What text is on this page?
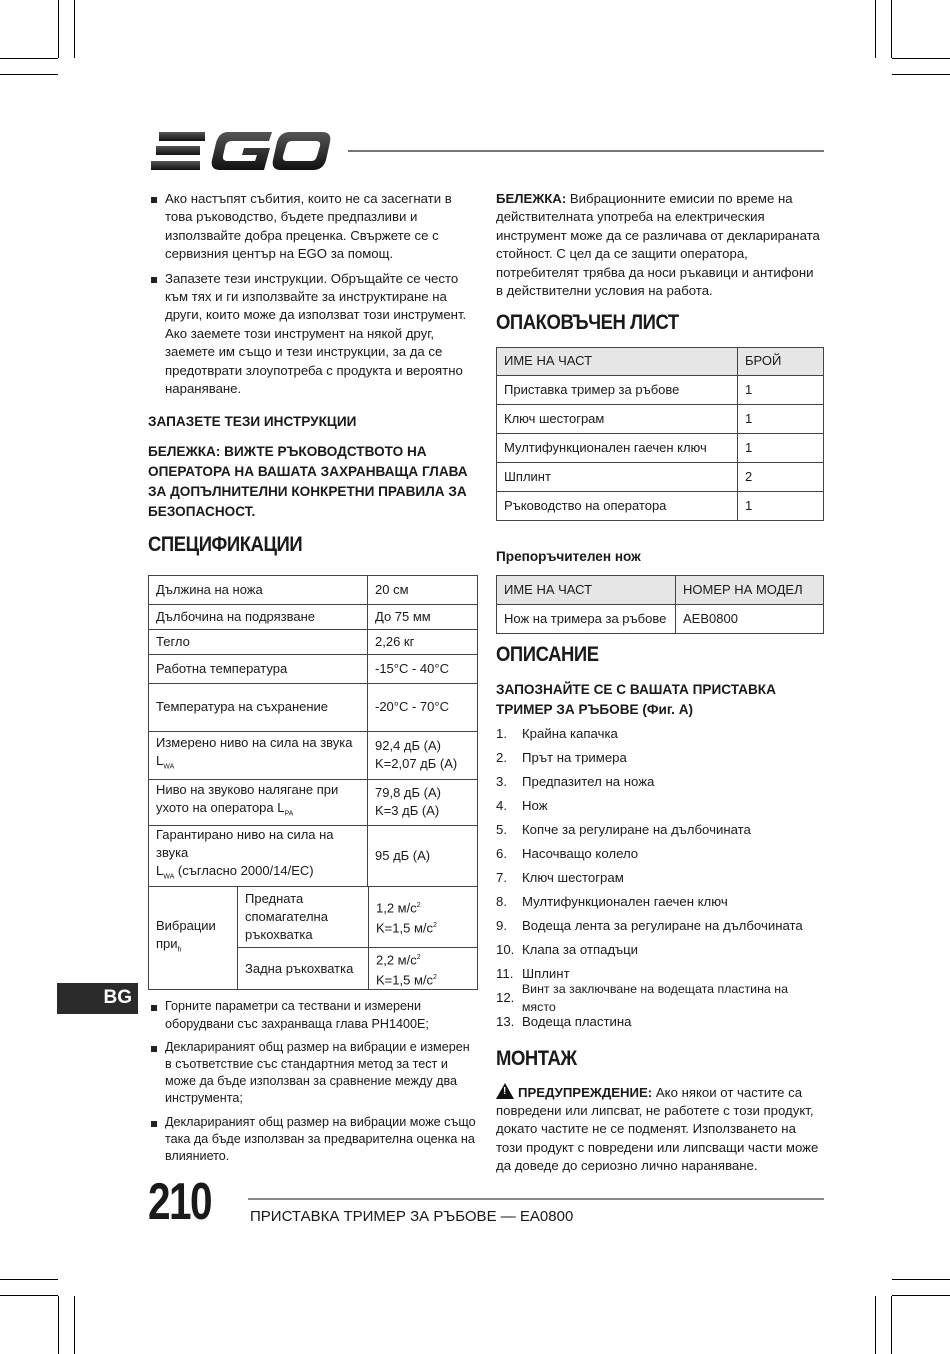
Ако настъпят събития, които не са засегнати в това ръководство, бъдете предпазливи и използвайте добра преценка. Свържете се с сервизния център на EGO за помощ.
Запазете тези инструкции. Обръщайте се често към тях и ги използвайте за инструктиране на други, които може да използват този инструмент. Ако заемете този инструмент на някой друг, заемете им също и тези инструкции, за да се предотврати злоупотреба с продукта и вероятно нараняване.
ЗАПАЗЕТЕ ТЕЗИ ИНСТРУКЦИИ
БЕЛЕЖКА: ВИЖТЕ РЪКОВОДСТВОТО НА ОПЕРАТОРА НА ВАШАТА ЗАХРАНВАЩА ГЛАВА ЗА ДОПЪЛНИТЕЛНИ КОНКРЕТНИ ПРАВИЛА ЗА БЕЗОПАСНОСТ.
СПЕЦИФИКАЦИИ
Дължина на ножа	20 см
Дълбочина на подрязване	До 75 мм
Тегло	2,26 кг
Работна температура	-15°C - 40°C
Температура на съхранение	-20°C - 70°C
Измерено ниво на сила на звука $L_{WA}$	92,4 дБ (A)
K=2,07 дБ (A)

Ниво на звуково налягане при ухото на оператора $L_{PA}$	79,8 дБ (A)
K=3 дБ (A)

Гарантирано ниво на сила на звука
$L_{WA}$ (съгласно 2000/14/EC)	95 дБ (A)
Вибрации при$_h$	Предната спомагателна ръкохватка	1,2 $м/с^2$
K=1,5 $м/с^2$

	Задна ръкохватка	2,2 $м/с^2$
K=1,5 $м/с^2$
Горните параметри са тествани и измерени оборудвани със захранваща глава PH1400E;
Декларираният общ размер на вибрации е измерен в съответствие със стандартния метод за тест и може да бъде използван за сравнение между два инструмента;
Декларираният общ размер на вибрации може също така да бъде използван за предварителна оценка на влиянието.
БЕЛЕЖКА: Вибрационните емисии по време на действителната употреба на електрическия инструмент може да се различава от декларираната стойност. С цел да се защити оператора, потребителят трябва да носи ръкавици и антифони в действителни условия на работа.
ОПАКОВЪЧЕН ЛИСТ
ИМЕ НА ЧАСТ	БРОЙ
Приставка тример за ръбове	1
Ключ шестограм	1
Мултифункционален гаечен ключ	1
Шплинт	2
Ръководство на оператора	1
Препоръчителен нож
ИМЕ НА ЧАСТ	НОМЕР НА МОДЕЛ
Нож на тримера за ръбове	AEB0800
ОПИСАНИЕ
ЗАПОЗНАЙТЕ СЕ С ВАШАТА ПРИСТАВКА ТРИМЕР ЗА РЪБОВЕ (Фиг. А)
1.	Крайна капачка
2.	Прът на тримера
3.	Предпазител на ножа
4.	Нож
5.	Копче за регулиране на дълбочината
6.	Насочващо колело
7.	Ключ шестограм
8.	Мултифункционален гаечен ключ
9.	Водеща лента за регулиране на дълбочината
10. Клапа за отпадъци
11. Шплинт
12.
Винт за заключване на водещата пластина на място
13. Водеща пластина
МОНТАЖ
! ПРЕДУПРЕЖДЕНИЕ: Ако някои от частите са повредени или липсват, не работете с този продукт, докато частите не се подменят. Използването на този продукт с повредени или липсващи части може да доведе до сериозно лично нараняване.
BG
210	ПРИСТАВКА ТРИМЕР ЗА РЪБОВЕ — EA0800
